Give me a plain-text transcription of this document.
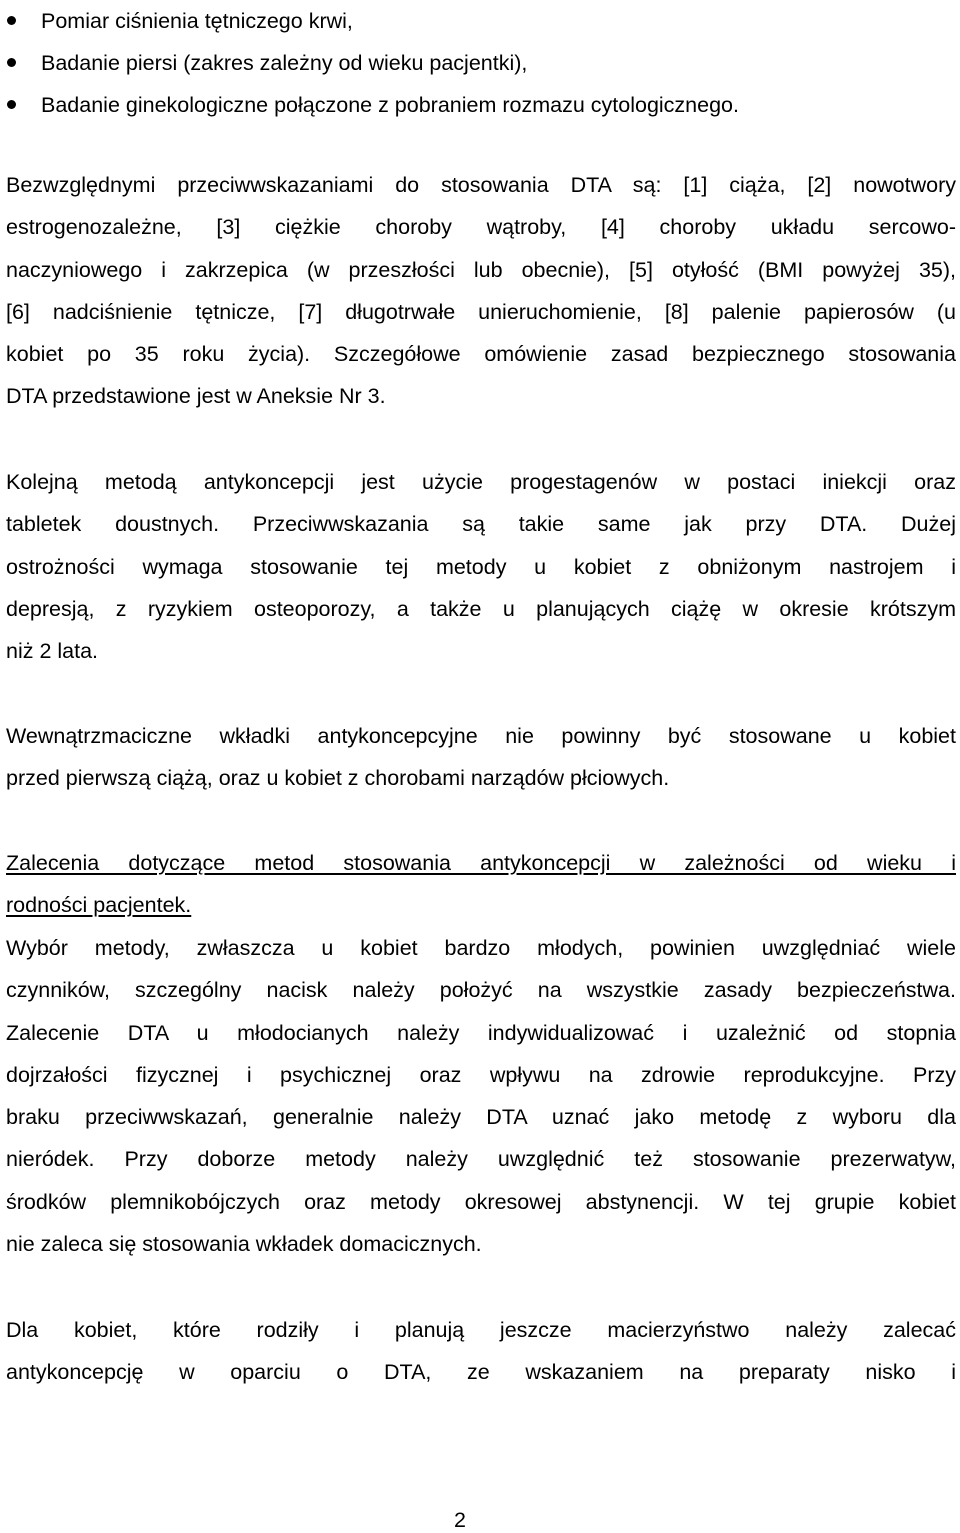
Pomiar ciśnienia tętniczego krwi,
Badanie piersi (zakres zależny od wieku pacjentki),
Badanie ginekologiczne połączone z pobraniem rozmazu cytologicznego.

Bezwzględnymi przeciwwskazaniami do stosowania DTA są: [1] ciąża, [2] nowotwory
estrogenozależne, [3] ciężkie choroby wątroby, [4] choroby układu sercowo-
naczyniowego i zakrzepica (w przeszłości lub obecnie), [5] otyłość (BMI powyżej 35),
[6] nadciśnienie tętnicze, [7] długotrwałe unieruchomienie, [8] palenie papierosów (u
kobiet po 35 roku życia). Szczegółowe omówienie zasad bezpiecznego stosowania
DTA przedstawione jest w Aneksie Nr 3.

Kolejną metodą antykoncepcji jest użycie progestagenów w postaci iniekcji oraz
tabletek doustnych. Przeciwwskazania są takie same jak przy DTA. Dużej
ostrożności wymaga stosowanie tej metody u kobiet z obniżonym nastrojem i
depresją, z ryzykiem osteoporozy, a także u planujących ciążę w okresie krótszym
niż 2 lata.

Wewnątrzmaciczne wkładki antykoncepcyjne nie powinny być stosowane u kobiet
przed pierwszą ciążą, oraz u kobiet z chorobami narządów płciowych.

Zalecenia dotyczące metod stosowania antykoncepcji w zależności od wieku i
rodności pacjentek.

Wybór metody, zwłaszcza u kobiet bardzo młodych, powinien uwzględniać wiele
czynników, szczególny nacisk należy położyć na wszystkie zasady bezpieczeństwa.
Zalecenie DTA u młodocianych należy indywidualizować i uzależnić od stopnia
dojrzałości fizycznej i psychicznej oraz wpływu na zdrowie reprodukcyjne. Przy
braku przeciwwskazań, generalnie należy DTA uznać jako metodę z wyboru dla
nieródek. Przy doborze metody należy uwzględnić też stosowanie prezerwatyw,
środków plemnikobójczych oraz metody okresowej abstynencji. W tej grupie kobiet
nie zaleca się stosowania wkładek domacicznych.

Dla kobiet, które rodziły i planują jeszcze macierzyństwo należy zalecać
antykoncepcję w oparciu o DTA, ze wskazaniem na preparaty nisko i

2
